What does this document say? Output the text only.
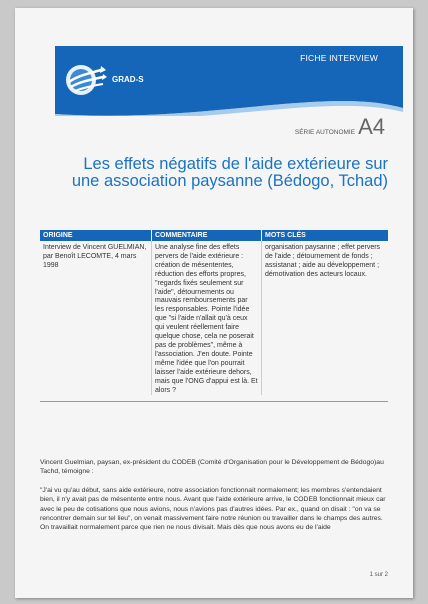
FICHE INTERVIEW
GRAD-S
SÉRIE AUTONOMIE A4
Les effets négatifs de l'aide extérieure sur
une association paysanne (Bédogo, Tchad)
ORIGINE	COMMENTAIRE	MOTS CLÉS
Interview de Vincent GUELMIAN, par Benoît LECOMTE, 4 mars 1998
Une analyse fine des effets pervers de l'aide extérieure : création de mésententes, réduction des efforts propres, "regards fixés seulement sur l'aide", détournements ou mauvais remboursements par les responsables. Pointe l'idée que "si l'aide n'allait qu'à ceux qui veulent réellement faire quelque chose, cela ne poserait pas de problèmes", même à l'association. J'en doute. Pointe même l'idée que l'on pourrait laisser l'aide extérieure dehors, mais que l'ONG d'appui est là. Et alors ?
organisation paysanne ; effet pervers de l'aide ; détournement de fonds ; assistanat ; aide au développement ; démotivation des acteurs locaux.

Vincent Guelmian, paysan, ex-président du CODEB (Comité d'Organisation pour le Développement de Bédogo)au Tachd, témoigne :

"J'ai vu qu'au début, sans aide extérieure, notre association fonctionnait normalement; les membres s'entendaient bien, il n'y avait pas de mésentente entre nous. Avant que l'aide extérieure arrive, le CODEB fonctionnait mieux car avec le peu de cotisations que nous avions, nous n'avions pas d'autres idées. Par ex., quand on disait : "on va se rencontrer demain sur tel lieu", on venait massivement faire notre réunion ou travailler dans le champs des autres. On travaillait normalement parce que rien ne nous divisait. Mais dès que nous avons eu de l'aide

1 sur 2
